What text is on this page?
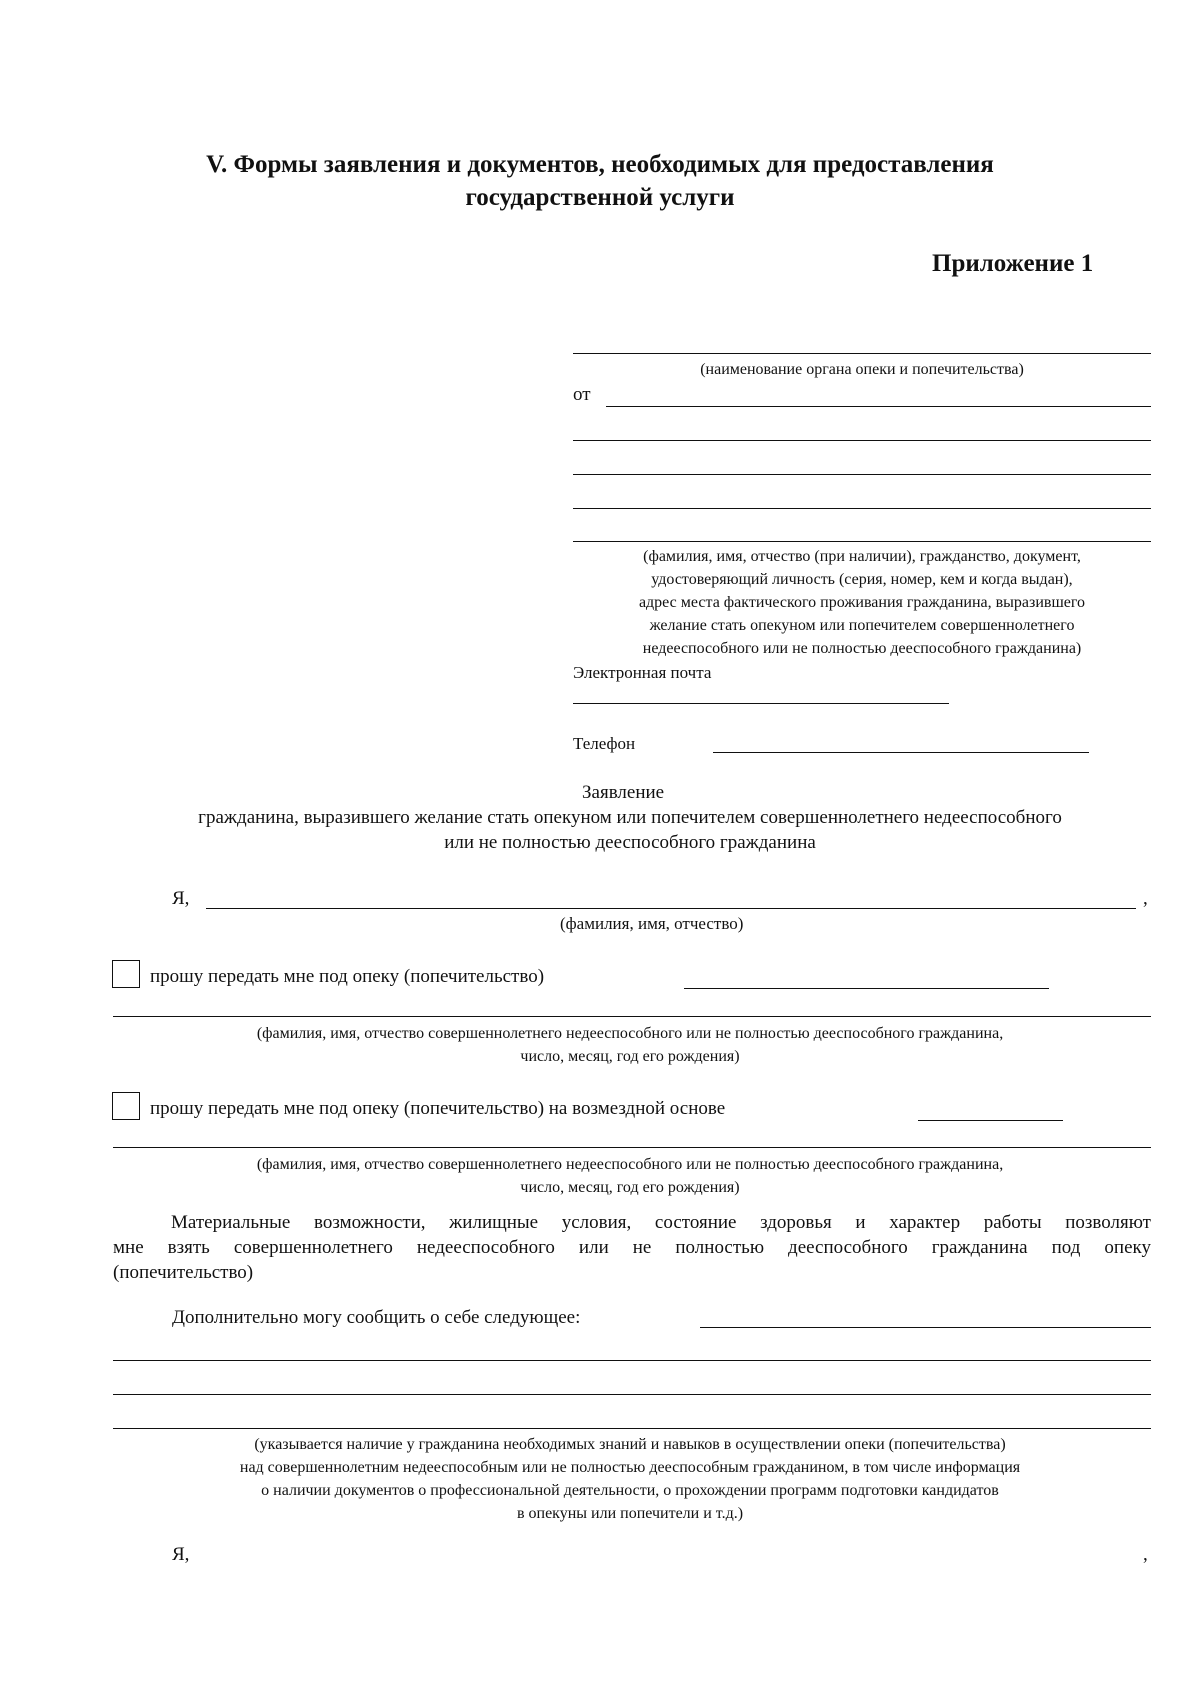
V. Формы заявления и документов, необходимых для предоставления
государственной услуги
Приложение 1
(наименование органа опеки и попечительства)
от
(фамилия, имя, отчество (при наличии), гражданство, документ,
удостоверяющий личность (серия, номер, кем и когда выдан),
адрес места фактического проживания гражданина, выразившего
желание стать опекуном или попечителем совершеннолетнего
недееспособного или не полностью дееспособного гражданина)
Электронная почта
Телефон
Заявление
гражданина, выразившего желание стать опекуном или попечителем совершеннолетнего недееспособного
или не полностью дееспособного гражданина
Я,	,
(фамилия, имя, отчество)
прошу передать мне под опеку (попечительство)
(фамилия, имя, отчество совершеннолетнего недееспособного или не полностью дееспособного гражданина,
число, месяц, год его рождения)
прошу передать мне под опеку (попечительство) на возмездной основе
(фамилия, имя, отчество совершеннолетнего недееспособного или не полностью дееспособного гражданина,
число, месяц, год его рождения)
Материальные возможности, жилищные условия, состояние здоровья и характер работы позволяют
мне взять совершеннолетнего недееспособного или не полностью дееспособного гражданина под опеку
(попечительство)
Дополнительно могу сообщить о себе следующее:
(указывается наличие у гражданина необходимых знаний и навыков в осуществлении опеки (попечительства)
над совершеннолетним недееспособным или не полностью дееспособным гражданином, в том числе информация
о наличии документов о профессиональной деятельности, о прохождении программ подготовки кандидатов
в опекуны или попечители и т.д.)
Я,	,
